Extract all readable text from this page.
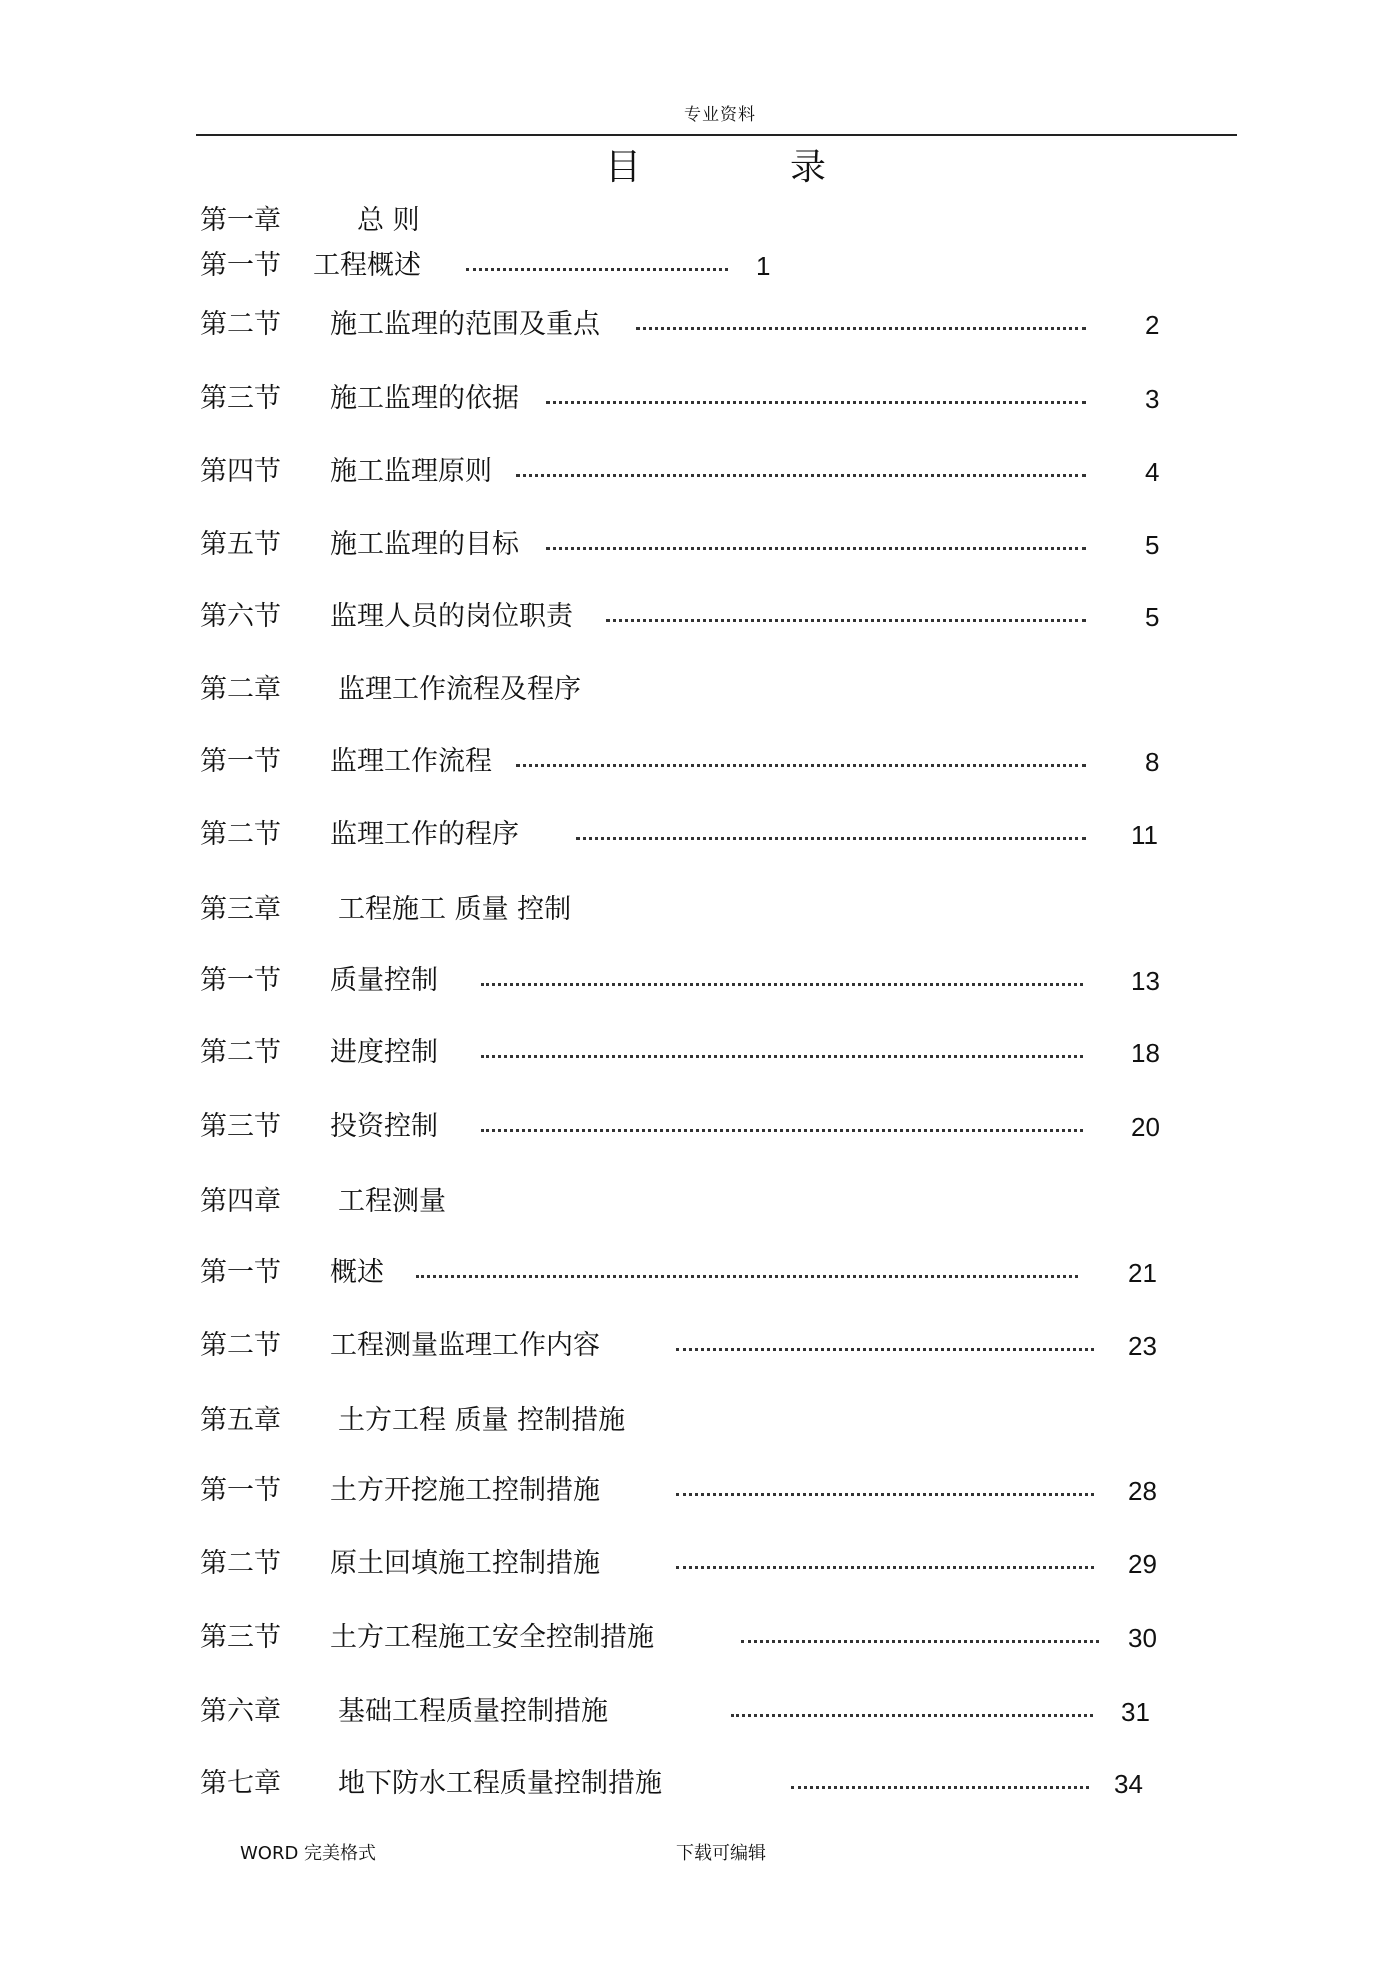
专业资料
目	录
第一章	总 则
第一节 工程概述	1
第二节 施工监理的范围及重点	2
第三节 施工监理的依据	3
第四节 施工监理原则	4
第五节 施工监理的目标	5
第六节 监理人员的岗位职责	5
第二章 监理工作流程及程序
第一节 监理工作流程	8
第二节 监理工作的程序	11
第三章 工程施工 质量 控制
第一节 质量控制	13
第二节 进度控制	18
第三节 投资控制	20
第四章 工程测量
第一节 概述	21
第二节 工程测量监理工作内容	23
第五章 土方工程 质量 控制措施
第一节 土方开挖施工控制措施	28
第二节 原土回填施工控制措施	29
第三节 土方工程施工安全控制措施	30
第六章 基础工程质量控制措施	31
第七章 地下防水工程质量控制措施	34
WORD 完美格式	下载可编辑
